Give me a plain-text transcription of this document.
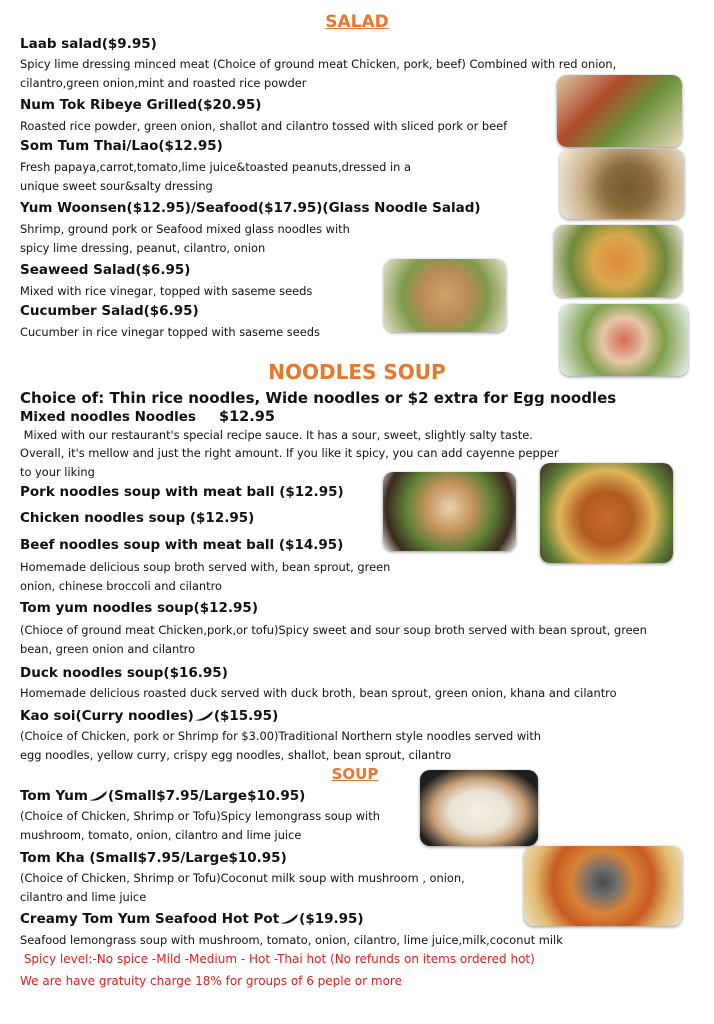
SALAD
Laab salad($9.95)
Spicy lime dressing minced meat (Choice of ground meat Chicken, pork, beef) Combined with red onion, cilantro,green onion,mint and roasted rice powder
Num Tok Ribeye Grilled($20.95)
Roasted rice powder, green onion, shallot and cilantro tossed with sliced pork or beef
Som Tum Thai/Lao($12.95)
Fresh papaya,carrot,tomato,lime juice&toasted peanuts,dressed in a
unique sweet sour&salty dressing
Yum Woonsen($12.95)/Seafood($17.95)(Glass Noodle Salad)
Shrimp, ground pork or Seafood mixed glass noodles with
spicy lime dressing, peanut, cilantro, onion
Seaweed Salad($6.95)
Mixed with rice vinegar, topped with saseme seeds
Cucumber Salad($6.95)
Cucumber in rice vinegar topped with saseme seeds
NOODLES SOUP
Choice of: Thin rice noodles, Wide noodles or $2 extra for Egg noodles
Mixed noodles Noodles $12.95
Mixed with our restaurant's special recipe sauce. It has a sour, sweet, slightly salty taste.
Overall, it's mellow and just the right amount. If you like it spicy, you can add cayenne pepper
to your liking
Pork noodles soup with meat ball ($12.95)
Chicken noodles soup ($12.95)
Beef noodles soup with meat ball ($14.95)
Homemade delicious soup broth served with, bean sprout, green
onion, chinese broccoli and cilantro
Tom yum noodles soup($12.95)
(Chioce of ground meat Chicken,pork,or tofu)Spicy sweet and sour soup broth served with bean sprout, green
bean, green onion and cilantro
Duck noodles soup($16.95)
Homemade delicious roasted duck served with duck broth, bean sprout, green onion, khana and cilantro
Kao soi(Curry noodles) ($15.95)
(Choice of Chicken, pork or Shrimp for $3.00)Traditional Northern style noodles served with
egg noodles, yellow curry, crispy egg noodles, shallot, bean sprout, cilantro
SOUP
Tom Yum (Small$7.95/Large$10.95)
(Choice of Chicken, Shrimp or Tofu)Spicy lemongrass soup with
mushroom, tomato, onion, cilantro and lime juice
Tom Kha (Small$7.95/Large$10.95)
(Choice of Chicken, Shrimp or Tofu)Coconut milk soup with mushroom , onion,
cilantro and lime juice
Creamy Tom Yum Seafood Hot Pot ($19.95)
Seafood lemongrass soup with mushroom, tomato, onion, cilantro, lime juice,milk,coconut milk
Spicy level:-No spice -Mild -Medium - Hot -Thai hot (No refunds on items ordered hot)
We are have gratuity charge 18% for groups of 6 peple or more
